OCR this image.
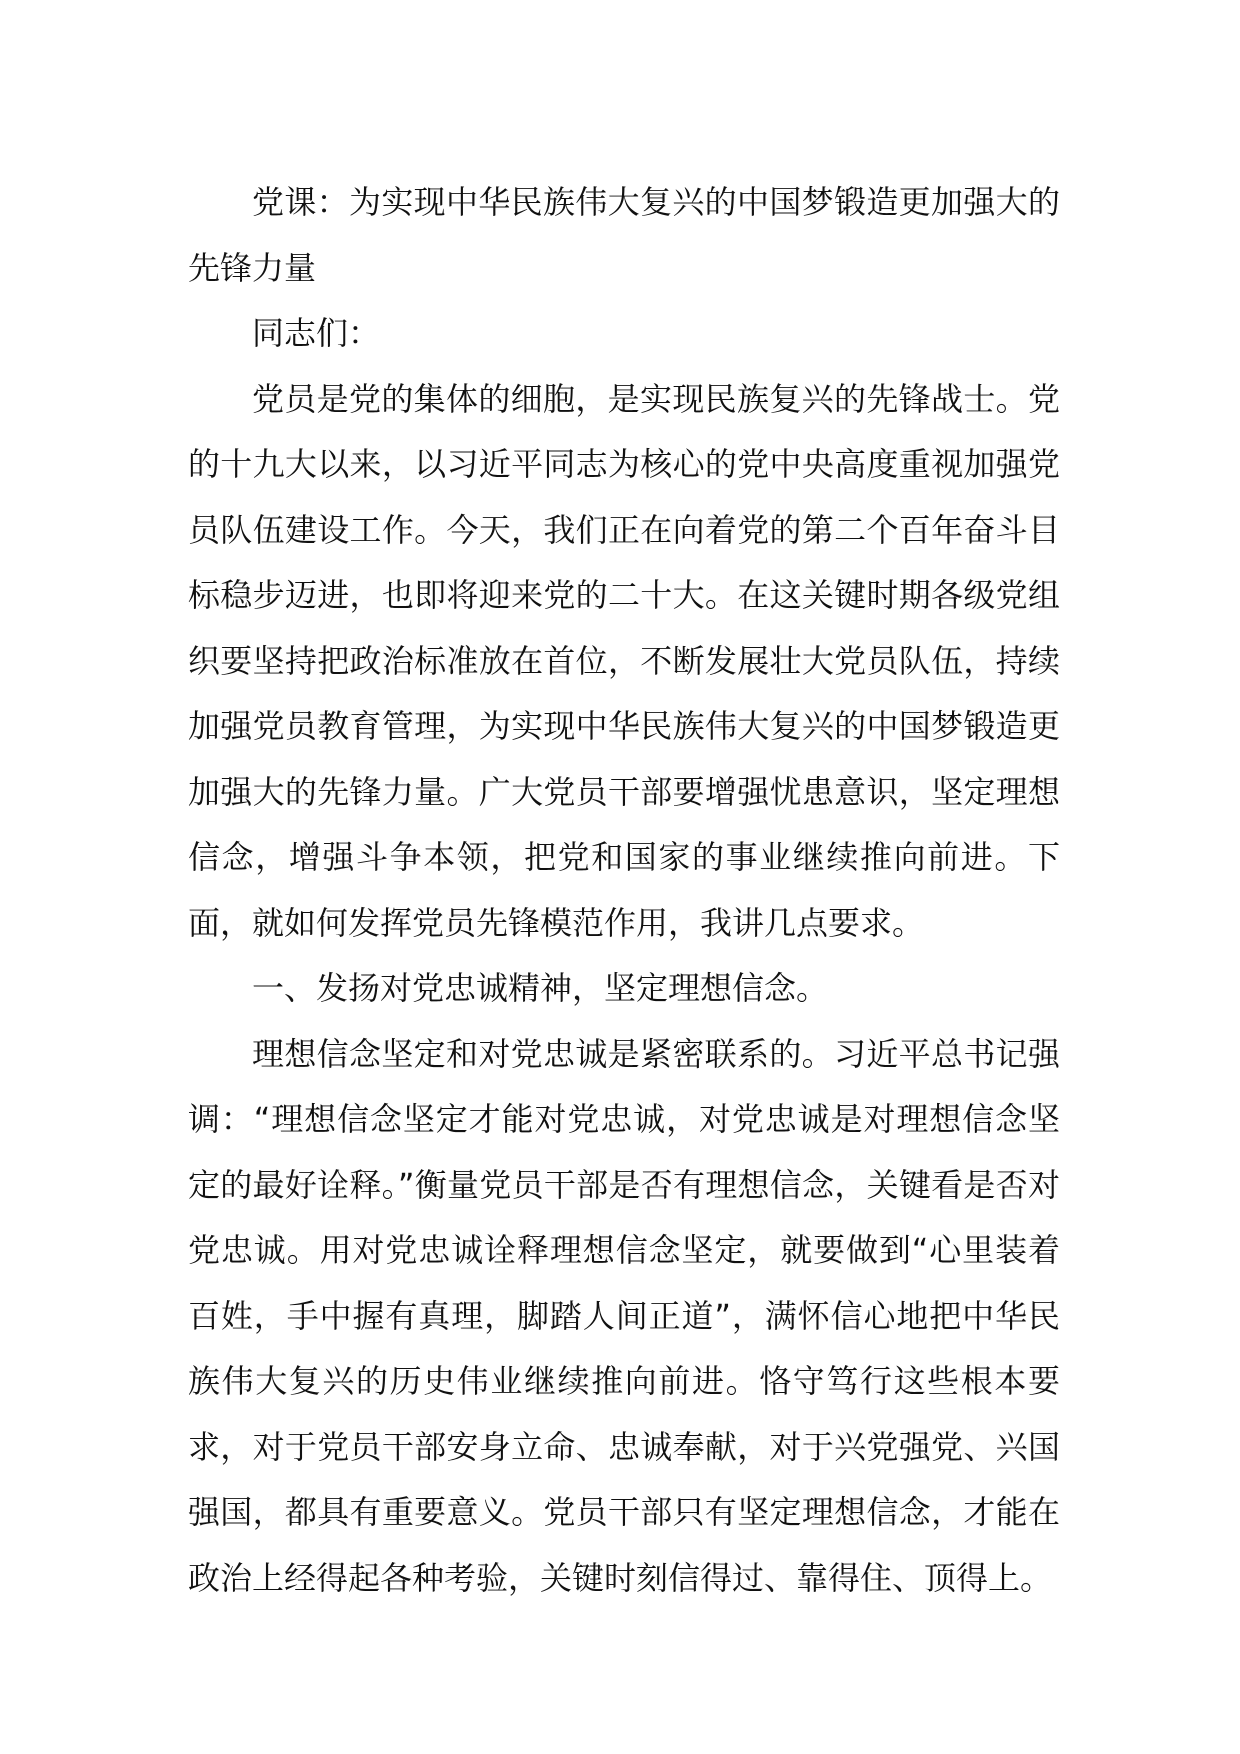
党课：为实现中华民族伟大复兴的中国梦锻造更加强大的先锋力量

同志们：

党员是党的集体的细胞，是实现民族复兴的先锋战士。党的十九大以来，以习近平同志为核心的党中央高度重视加强党员队伍建设工作。今天，我们正在向着党的第二个百年奋斗目标稳步迈进，也即将迎来党的二十大。在这关键时期各级党组织要坚持把政治标准放在首位，不断发展壮大党员队伍，持续加强党员教育管理，为实现中华民族伟大复兴的中国梦锻造更加强大的先锋力量。广大党员干部要增强忧患意识，坚定理想信念，增强斗争本领，把党和国家的事业继续推向前进。下面，就如何发挥党员先锋模范作用，我讲几点要求。

一、发扬对党忠诚精神，坚定理想信念。

理想信念坚定和对党忠诚是紧密联系的。习近平总书记强调：“理想信念坚定才能对党忠诚，对党忠诚是对理想信念坚定的最好诠释。”衡量党员干部是否有理想信念，关键看是否对党忠诚。用对党忠诚诠释理想信念坚定，就要做到“心里装着百姓，手中握有真理，脚踏人间正道”，满怀信心地把中华民族伟大复兴的历史伟业继续推向前进。恪守笃行这些根本要求，对于党员干部安身立命、忠诚奉献，对于兴党强党、兴国强国，都具有重要意义。党员干部只有坚定理想信念，才能在政治上经得起各种考验，关键时刻信得过、靠得住、顶得上。
